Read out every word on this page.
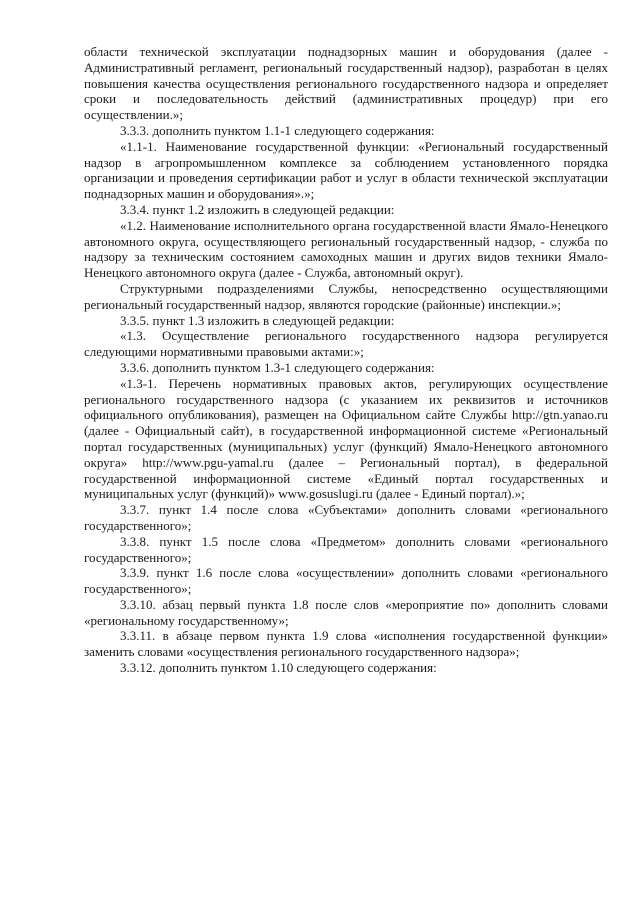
области технической эксплуатации поднадзорных машин и оборудования (далее - Административный регламент, региональный государственный надзор), разработан в целях повышения качества осуществления регионального государственного надзора и определяет сроки и последовательность действий (административных процедур) при его осуществлении.»;

3.3.3. дополнить пунктом 1.1-1 следующего содержания:

«1.1-1. Наименование государственной функции: «Региональный государственный надзор в агропромышленном комплексе за соблюдением установленного порядка организации и проведения сертификации работ и услуг в области технической эксплуатации поднадзорных машин и оборудования».»;

3.3.4. пункт 1.2 изложить в следующей редакции:

«1.2. Наименование исполнительного органа государственной власти Ямало-Ненецкого автономного округа, осуществляющего региональный государственный надзор, - служба по надзору за техническим состоянием самоходных машин и других видов техники Ямало-Ненецкого автономного округа (далее - Служба, автономный округ).

Структурными подразделениями Службы, непосредственно осуществляющими региональный государственный надзор, являются городские (районные) инспекции.»;

3.3.5. пункт 1.3 изложить в следующей редакции:

«1.3. Осуществление регионального государственного надзора регулируется следующими нормативными правовыми актами:»;

3.3.6. дополнить пунктом 1.3-1 следующего содержания:

«1.3-1. Перечень нормативных правовых актов, регулирующих осуществление регионального государственного надзора (с указанием их реквизитов и источников официального опубликования), размещен на Официальном сайте Службы http://gtn.yanao.ru (далее - Официальный сайт), в государственной информационной системе «Региональный портал государственных (муниципальных) услуг (функций) Ямало-Ненецкого автономного округа» http://www.pgu-yamal.ru (далее – Региональный портал), в федеральной государственной информационной системе «Единый портал государственных и муниципальных услуг (функций)» www.gosuslugi.ru (далее - Единый портал).»;

3.3.7. пункт 1.4 после слова «Субъектами» дополнить словами «регионального государственного»;

3.3.8. пункт 1.5 после слова «Предметом» дополнить словами «регионального государственного»;

3.3.9. пункт 1.6 после слова «осуществлении» дополнить словами «регионального государственного»;

3.3.10. абзац первый пункта 1.8 после слов «мероприятие по» дополнить словами «региональному государственному»;

3.3.11. в абзаце первом пункта 1.9 слова «исполнения государственной функции» заменить словами «осуществления регионального государственного надзора»;

3.3.12. дополнить пунктом 1.10 следующего содержания:
